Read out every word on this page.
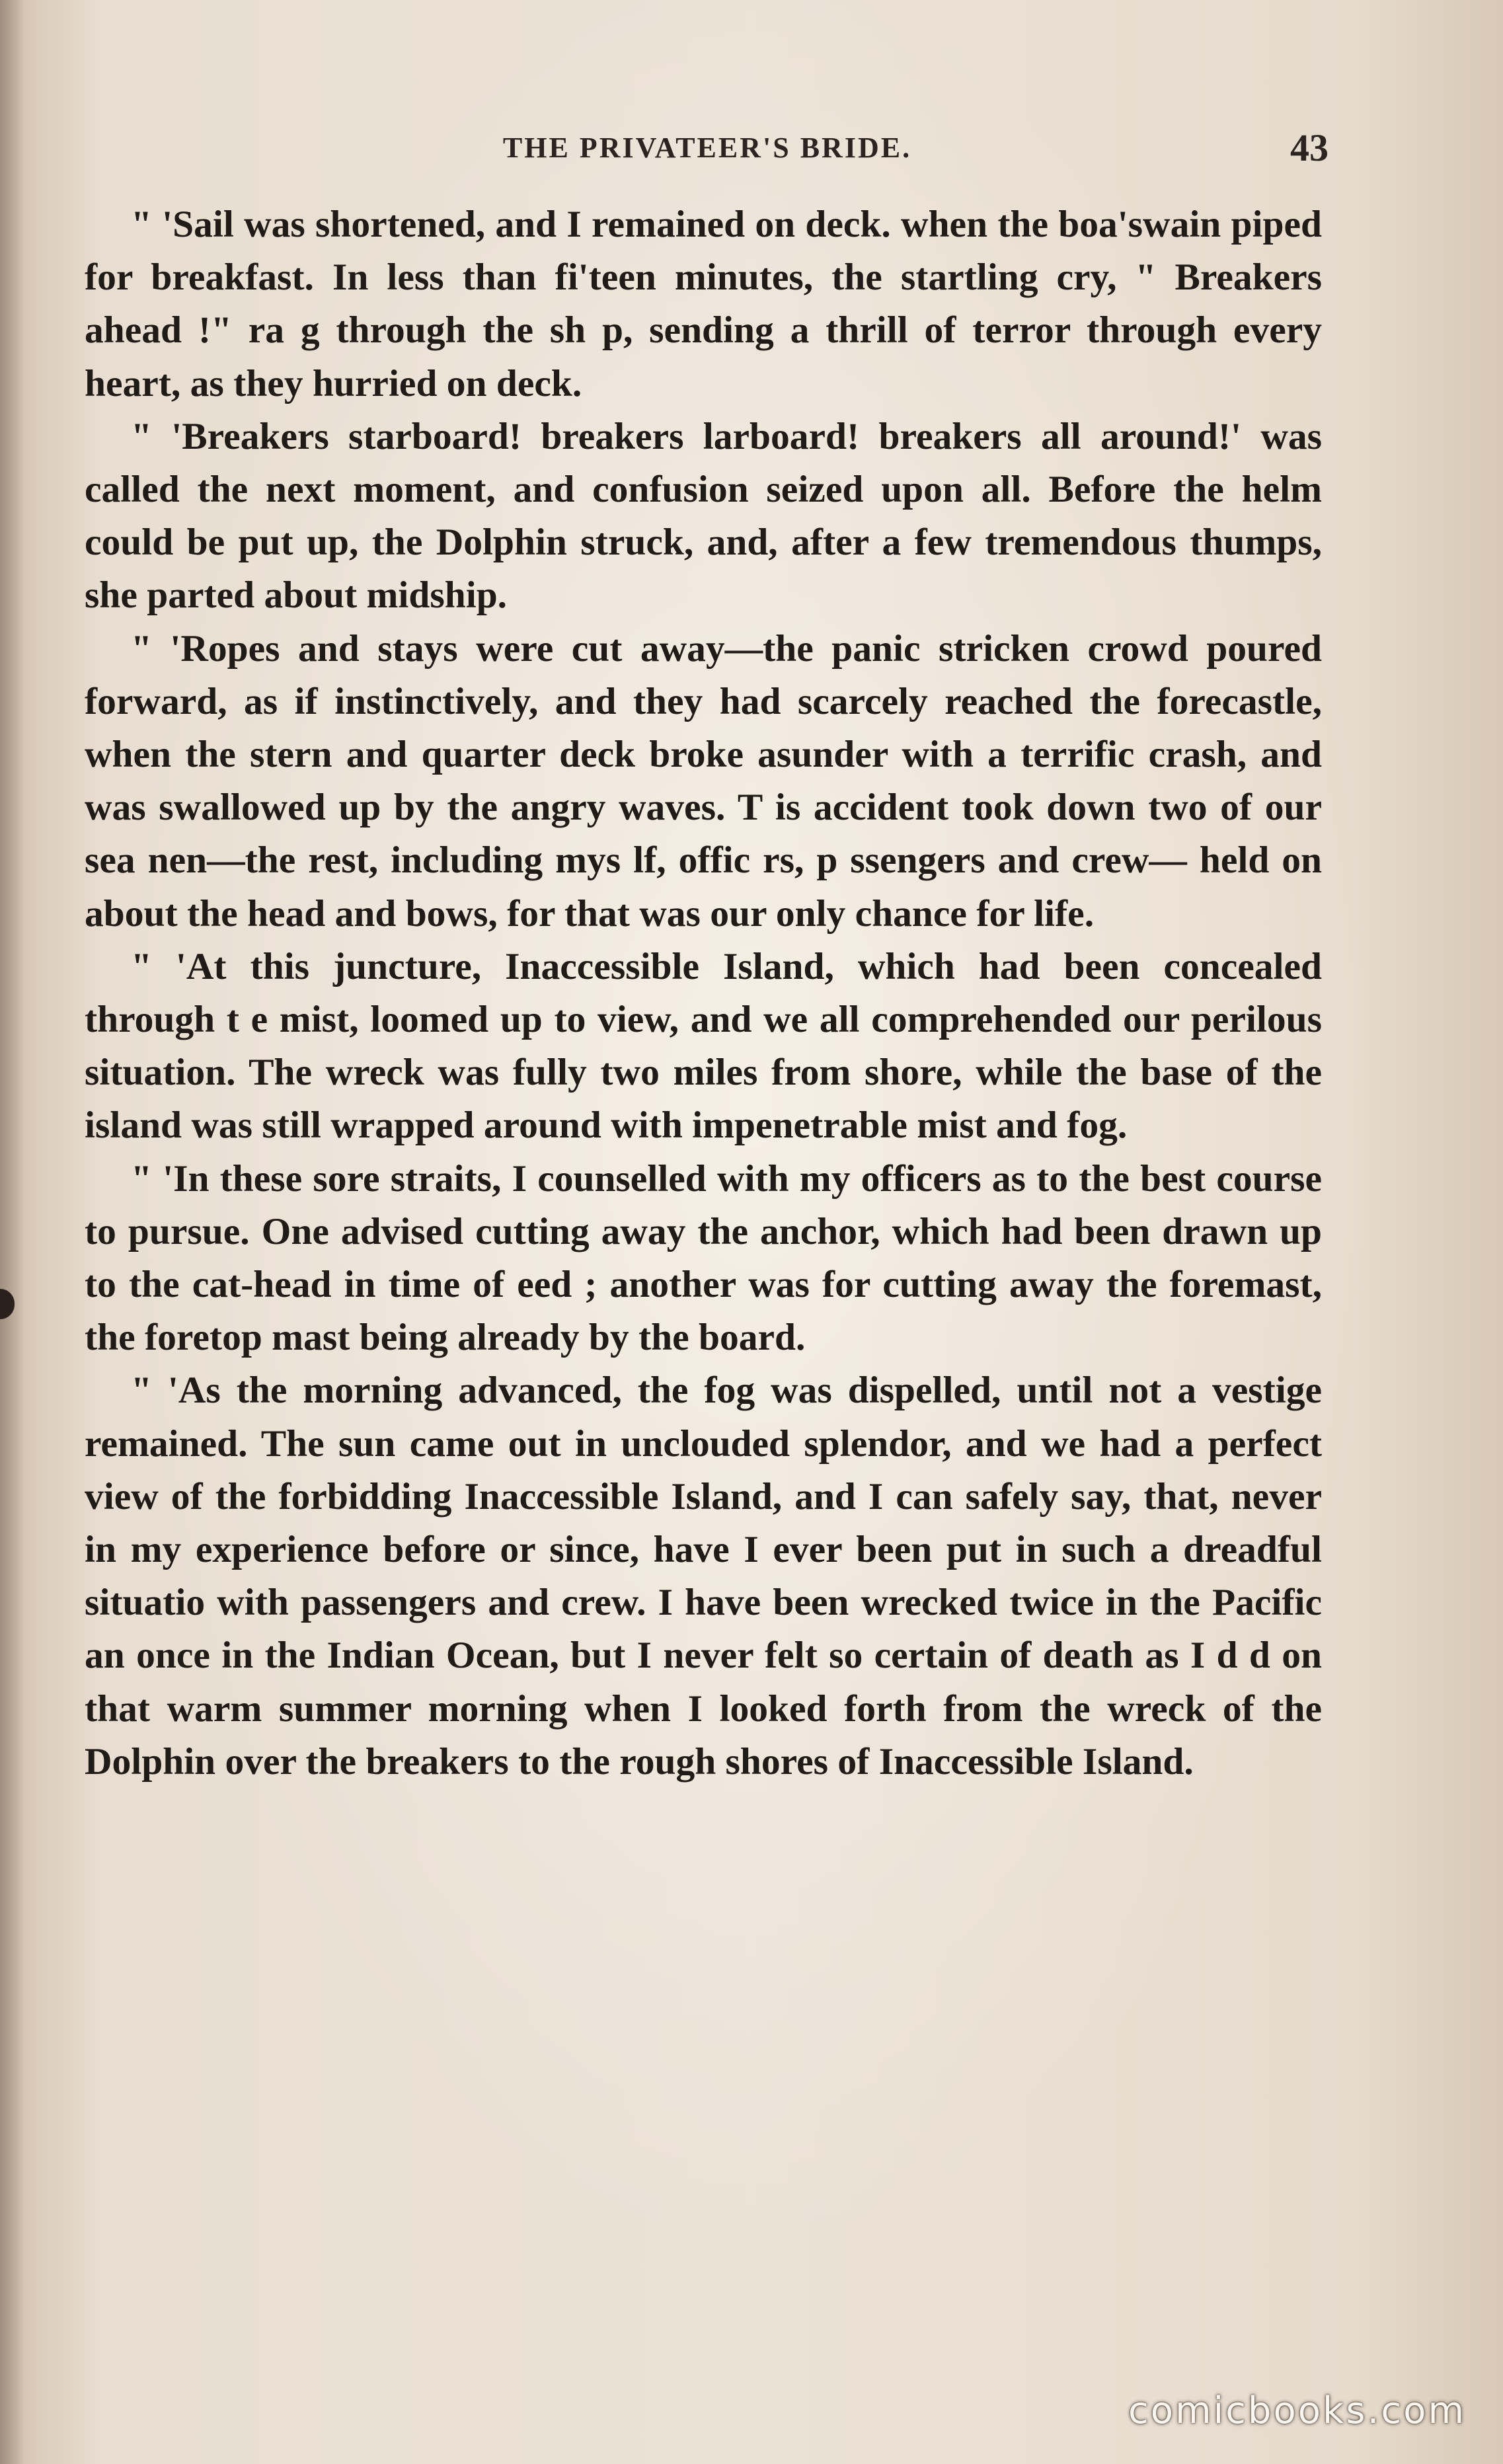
THE PRIVATEER'S BRIDE.	43

" 'Sail was shortened, and I remained on deck. when the boa'swain piped for breakfast. In less than fi'teen minutes, the startling cry, " Breakers ahead !" ra g through the sh p, sending a thrill of terror through every heart, as they hurried on deck.

" 'Breakers starboard! breakers larboard! breakers all around!' was called the next moment, and confusion seized upon all. Before the helm could be put up, the Dolphin struck, and, after a few tremendous thumps, she parted about midship.

" 'Ropes and stays were cut away—the panic stricken crowd poured forward, as if instinctively, and they had scarcely reached the forecastle, when the stern and quarter deck broke asunder with a terrific crash, and was swallowed up by the angry waves. T is accident took down two of our sea nen—the rest, including mys lf, offic rs, p ssengers and crew— held on about the head and bows, for that was our only chance for life.

" 'At this juncture, Inaccessible Island, which had been concealed through t e mist, loomed up to view, and we all comprehended our perilous situation. The wreck was fully two miles from shore, while the base of the island was still wrapped around with impenetrable mist and fog.

" 'In these sore straits, I counselled with my officers as to the best course to pursue. One advised cutting away the anchor, which had been drawn up to the cat-head in time of eed ; another was for cutting away the foremast, the foretop mast being already by the board.

" 'As the morning advanced, the fog was dispelled, until not a vestige remained. The sun came out in unclouded splendor, and we had a perfect view of the forbidding Inaccessible Island, and I can safely say, that, never in my experience before or since, have I ever been put in such a dreadful situatio with passengers and crew. I have been wrecked twice in the Pacific an once in the Indian Ocean, but I never felt so certain of death as I d d on that warm summer morning when I looked forth from the wreck of the Dolphin over the breakers to the rough shores of Inaccessible Island.

comicbooks.com
